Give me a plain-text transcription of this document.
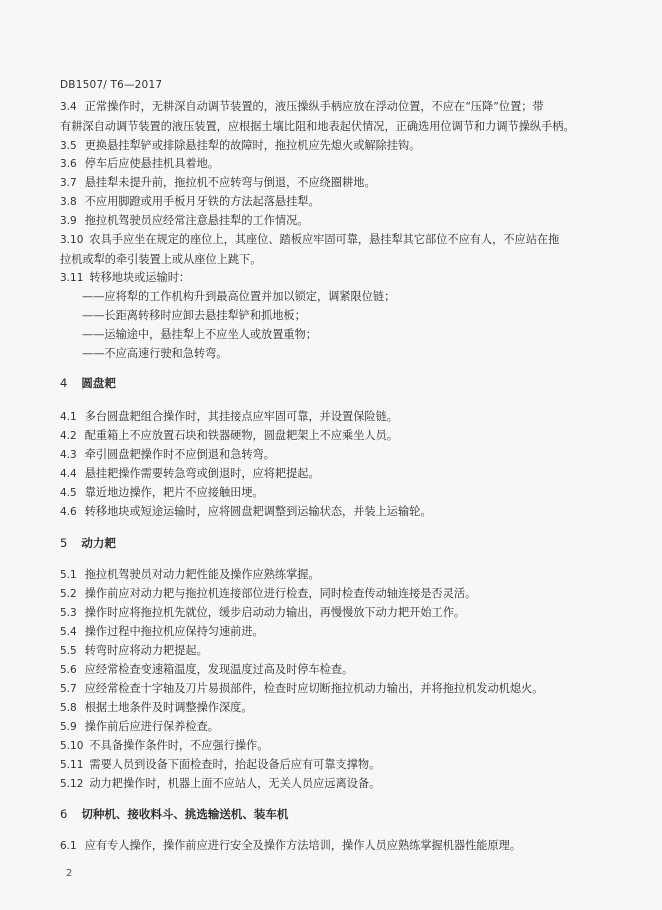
DB1507/ T6—2017
3.4 正常操作时，无耕深自动调节装置的，液压操纵手柄应放在浮动位置，不应在“压降”位置；带
有耕深自动调节装置的液压装置，应根据土壤比阻和地表起伏情况，正确选用位调节和力调节操纵手柄。
3.5 更换悬挂犁铲或排除悬挂犁的故障时，拖拉机应先熄火或解除挂钩。
3.6 停车后应使悬挂机具着地。
3.7 悬挂犁未提升前，拖拉机不应转弯与倒退，不应绕圈耕地。
3.8 不应用脚蹬或用手板月牙铁的方法起落悬挂犁。
3.9 拖拉机驾驶员应经常注意悬挂犁的工作情况。
3.10 农具手应坐在规定的座位上，其座位、踏板应牢固可靠，悬挂犁其它部位不应有人，不应站在拖
拉机或犁的牵引装置上或从座位上跳下。
3.11 转移地块或运输时：
——应将犁的工作机构升到最高位置并加以锁定，调紧限位链；
——长距离转移时应卸去悬挂犁铲和抓地板；
——运输途中，悬挂犁上不应坐人或放置重物；
——不应高速行驶和急转弯。
4 圆盘耙
4.1 多台圆盘耙组合操作时，其挂接点应牢固可靠，并设置保险链。
4.2 配重箱上不应放置石块和铁器硬物，圆盘耙架上不应乘坐人员。
4.3 牵引圆盘耙操作时不应倒退和急转弯。
4.4 悬挂耙操作需要转急弯或倒退时，应将耙提起。
4.5 靠近地边操作，耙片不应接触田埂。
4.6 转移地块或短途运输时，应将圆盘耙调整到运输状态，并装上运输轮。
5 动力耙
5.1 拖拉机驾驶员对动力耙性能及操作应熟练掌握。
5.2 操作前应对动力耙与拖拉机连接部位进行检查，同时检查传动轴连接是否灵活。
5.3 操作时应将拖拉机先就位，缓步启动动力输出，再慢慢放下动力耙开始工作。
5.4 操作过程中拖拉机应保持匀速前进。
5.5 转弯时应将动力耙提起。
5.6 应经常检查变速箱温度，发现温度过高及时停车检查。
5.7 应经常检查十字轴及刀片易损部件，检查时应切断拖拉机动力输出，并将拖拉机发动机熄火。
5.8 根据土地条件及时调整操作深度。
5.9 操作前后应进行保养检查。
5.10 不具备操作条件时，不应强行操作。
5.11 需要人员到设备下面检查时，抬起设备后应有可靠支撑物。
5.12 动力耙操作时，机器上面不应站人，无关人员应远离设备。
6 切种机、接收料斗、挑选输送机、装车机
6.1 应有专人操作，操作前应进行安全及操作方法培训，操作人员应熟练掌握机器性能原理。
2
